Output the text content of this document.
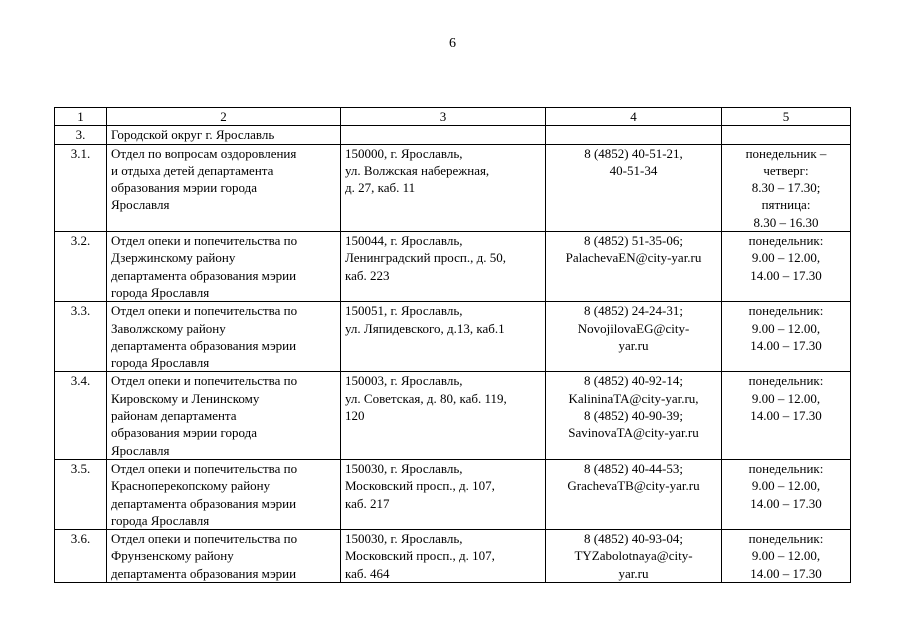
6
1	2	3	4	5
3.	Городской округ г. Ярославль			
3.1.	Отдел по вопросам оздоровления
и отдыха детей департамента
образования мэрии города
Ярославля	150000, г. Ярославль,
ул. Волжская набережная,
д. 27, каб. 11	8 (4852) 40-51-21,
40-51-34	понедельник –
четверг:
8.30 – 17.30;
пятница:
8.30 – 16.30
3.2.	Отдел опеки и попечительства по
Дзержинскому району
департамента образования мэрии
города Ярославля	150044, г. Ярославль,
Ленинградский просп., д. 50,
каб. 223	8 (4852) 51-35-06;
PalachevaEN@city-yar.ru	понедельник:
9.00 – 12.00,
14.00 – 17.30
3.3.	Отдел опеки и попечительства по
Заволжскому району
департамента образования мэрии
города Ярославля	150051, г. Ярославль,
ул. Ляпидевского, д.13, каб.1	8 (4852) 24-24-31;
NovojilovaEG@city-
yar.ru	понедельник:
9.00 – 12.00,
14.00 – 17.30
3.4.	Отдел опеки и попечительства по
Кировскому и Ленинскому
районам департамента
образования мэрии города
Ярославля	150003, г. Ярославль,
ул. Советская, д. 80, каб. 119,
120	8 (4852) 40-92-14;
KalininaTA@city-yar.ru,
8 (4852) 40-90-39;
SavinovaTA@city-yar.ru	понедельник:
9.00 – 12.00,
14.00 – 17.30
3.5.	Отдел опеки и попечительства по
Красноперекопскому району
департамента образования мэрии
города Ярославля	150030, г. Ярославль,
Московский просп., д. 107,
каб. 217	8 (4852) 40-44-53;
GrachevaTB@city-yar.ru	понедельник:
9.00 – 12.00,
14.00 – 17.30
3.6.	Отдел опеки и попечительства по
Фрунзенскому району
департамента образования мэрии	150030, г. Ярославль,
Московский просп., д. 107,
каб. 464	8 (4852) 40-93-04;
TYZabolotnaya@city-
yar.ru	понедельник:
9.00 – 12.00,
14.00 – 17.30
